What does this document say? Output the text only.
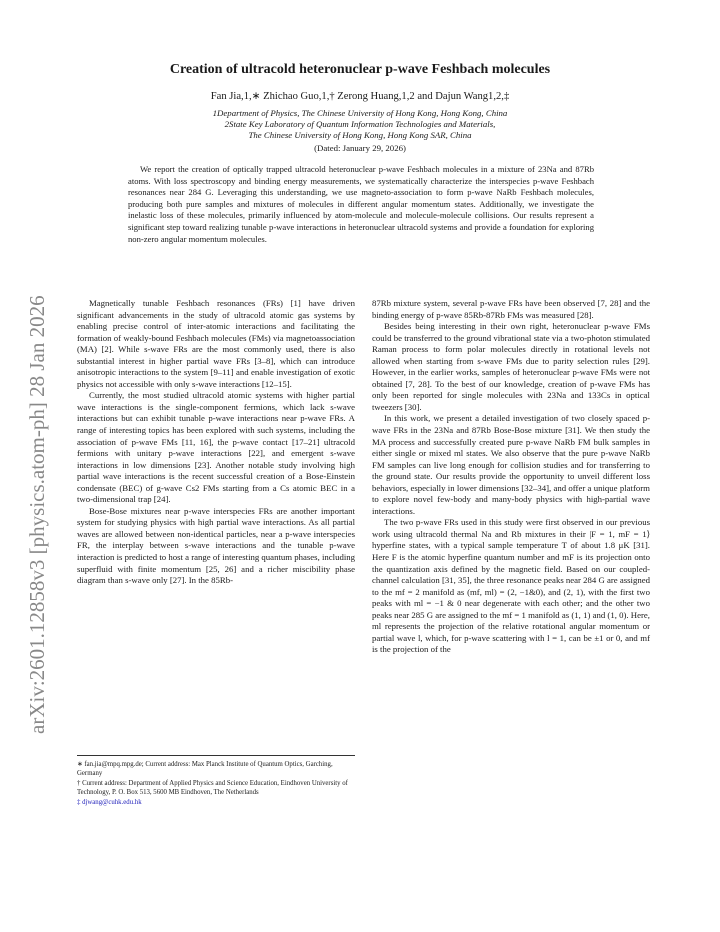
arXiv:2601.12858v3 [physics.atom-ph] 28 Jan 2026
Creation of ultracold heteronuclear p-wave Feshbach molecules
Fan Jia,1,∗ Zhichao Guo,1,† Zerong Huang,1,2 and Dajun Wang1,2,‡
1Department of Physics, The Chinese University of Hong Kong, Hong Kong, China
2State Key Laboratory of Quantum Information Technologies and Materials,
The Chinese University of Hong Kong, Hong Kong SAR, China
(Dated: January 29, 2026)
We report the creation of optically trapped ultracold heteronuclear p-wave Feshbach molecules in a mixture of 23Na and 87Rb atoms. With loss spectroscopy and binding energy measurements, we systematically characterize the interspecies p-wave Feshbach resonances near 284 G. Leveraging this understanding, we use magneto-association to form p-wave NaRb Feshbach molecules, producing both pure samples and mixtures of molecules in different angular momentum states. Additionally, we investigate the inelastic loss of these molecules, primarily influenced by atom-molecule and molecule-molecule collisions. Our results represent a significant step toward realizing tunable p-wave interactions in heteronuclear ultracold systems and provide a foundation for exploring non-zero angular momentum molecules.

Magnetically tunable Feshbach resonances (FRs) [1] have driven significant advancements in the study of ultracold atomic gas systems by enabling precise control of inter-atomic interactions and facilitating the formation of weakly-bound Feshbach molecules (FMs) via magnetoassociation (MA) [2]. While s-wave FRs are the most commonly used, there is also substantial interest in higher partial wave FRs [3–8], which can introduce anisotropic interactions to the system [9–11] and enable investigation of exotic physics not accessible with only s-wave interactions [12–15].

Currently, the most studied ultracold atomic systems with higher partial wave interactions is the single-component fermions, which lack s-wave interactions but can exhibit tunable p-wave interactions near p-wave FRs. A range of interesting topics has been explored with such systems, including the association of p-wave FMs [11, 16], the p-wave contact [17–21] ultracold fermions with unitary p-wave interactions [22], and emergent s-wave interactions in low dimensions [23]. Another notable study involving high partial wave interactions is the recent successful creation of a Bose-Einstein condensate (BEC) of g-wave Cs2 FMs starting from a Cs atomic BEC in a two-dimensional trap [24].

Bose-Bose mixtures near p-wave interspecies FRs are another important system for studying physics with high partial wave interactions. As all partial waves are allowed between non-identical particles, near a p-wave interspecies FR, the interplay between s-wave interactions and the tunable p-wave interaction is predicted to host a range of interesting quantum phases, including superfluid with finite momentum [25, 26] and a richer miscibility phase diagram than s-wave only [27]. In the 85Rb-

87Rb mixture system, several p-wave FRs have been observed [7, 28] and the binding energy of p-wave 85Rb-87Rb FMs was measured [28].

Besides being interesting in their own right, heteronuclear p-wave FMs could be transferred to the ground vibrational state via a two-photon stimulated Raman process to form polar molecules directly in rotational levels not allowed when starting from s-wave FMs due to parity selection rules [29]. However, in the earlier works, samples of heteronuclear p-wave FMs were not obtained [7, 28]. To the best of our knowledge, creation of p-wave FMs has only been reported for single molecules with 23Na and 133Cs in optical tweezers [30].

In this work, we present a detailed investigation of two closely spaced p-wave FRs in the 23Na and 87Rb Bose-Bose mixture [31]. We then study the MA process and successfully created pure p-wave NaRb FM bulk samples in either single or mixed ml states. We also observe that the pure p-wave NaRb FM samples can live long enough for collision studies and for transferring to the ground state. Our results provide the opportunity to unveil different loss behaviors, especially in lower dimensions [32–34], and offer a unique platform to explore novel few-body and many-body physics with high-partial wave interactions.

The two p-wave FRs used in this study were first observed in our previous work using ultracold thermal Na and Rb mixtures in their |F = 1, mF = 1⟩ hyperfine states, with a typical sample temperature T of about 1.8 μK [31]. Here F is the atomic hyperfine quantum number and mF is its projection onto the quantization axis defined by the magnetic field. Based on our coupled-channel calculation [31, 35], the three resonance peaks near 284 G are assigned to the mf = 2 manifold as (mf, ml) = (2, −1&0), and (2, 1), with the first two peaks with ml = −1 & 0 near degenerate with each other; and the other two peaks near 285 G are assigned to the mf = 1 manifold as (1, 1) and (1, 0). Here, ml represents the projection of the relative rotational angular momentum or partial wave l, which, for p-wave scattering with l = 1, can be ±1 or 0, and mf is the projection of the

∗ fan.jia@mpq.mpg.de; Current address: Max Planck Institute of Quantum Optics, Garching, Germany
† Current address: Department of Applied Physics and Science Education, Eindhoven University of Technology, P. O. Box 513, 5600 MB Eindhoven, The Netherlands
‡ djwang@cuhk.edu.hk
